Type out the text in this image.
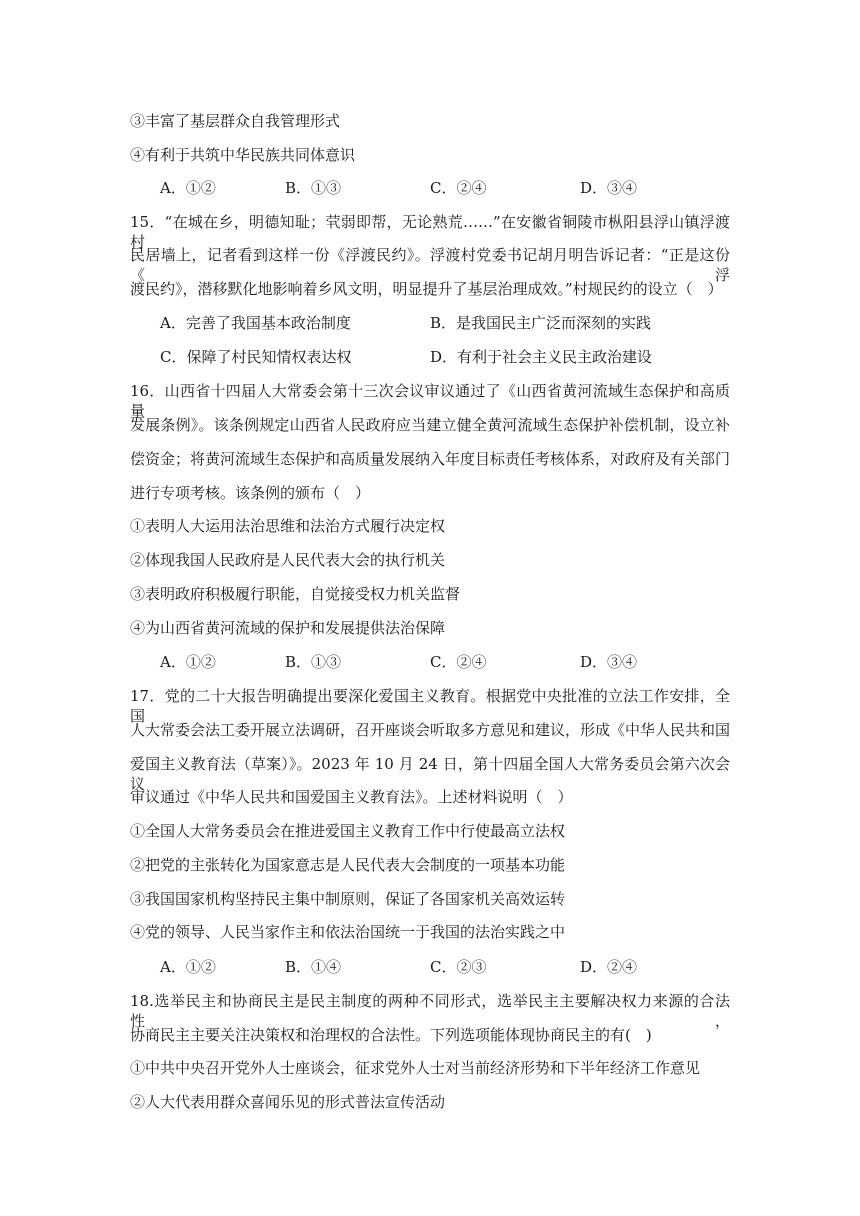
③丰富了基层群众自我管理形式
④有利于共筑中华民族共同体意识
A．①②	B．①③	C．②④	D．③④
15．“在城在乡，明德知耻；茕弱即帮，无论熟荒……”在安徽省铜陵市枞阳县浮山镇浮渡村
民居墙上，记者看到这样一份《浮渡民约》。浮渡村党委书记胡月明告诉记者：“正是这份《浮
渡民约》，潜移默化地影响着乡风文明，明显提升了基层治理成效。”村规民约的设立（　）
A．完善了我国基本政治制度	B．是我国民主广泛而深刻的实践
C．保障了村民知情权表达权	D．有利于社会主义民主政治建设
16．山西省十四届人大常委会第十三次会议审议通过了《山西省黄河流域生态保护和高质量
发展条例》。该条例规定山西省人民政府应当建立健全黄河流域生态保护补偿机制，设立补
偿资金；将黄河流域生态保护和高质量发展纳入年度目标责任考核体系，对政府及有关部门
进行专项考核。该条例的颁布（　）
①表明人大运用法治思维和法治方式履行决定权
②体现我国人民政府是人民代表大会的执行机关
③表明政府积极履行职能，自觉接受权力机关监督
④为山西省黄河流域的保护和发展提供法治保障
A．①②	B．①③	C．②④	D．③④
17．党的二十大报告明确提出要深化爱国主义教育。根据党中央批准的立法工作安排，全国
人大常委会法工委开展立法调研，召开座谈会听取多方意见和建议，形成《中华人民共和国
爱国主义教育法（草案）》。2023 年 10 月 24 日，第十四届全国人大常务委员会第六次会议
审议通过《中华人民共和国爱国主义教育法》。上述材料说明（　）
①全国人大常务委员会在推进爱国主义教育工作中行使最高立法权
②把党的主张转化为国家意志是人民代表大会制度的一项基本功能
③我国国家机构坚持民主集中制原则，保证了各国家机关高效运转
④党的领导、人民当家作主和依法治国统一于我国的法治实践之中
A．①②	B．①④	C．②③	D．②④
18.选举民主和协商民主是民主制度的两种不同形式，选举民主主要解决权力来源的合法性，
协商民主主要关注决策权和治理权的合法性。下列选项能体现协商民主的有(　)
①中共中央召开党外人士座谈会，征求党外人士对当前经济形势和下半年经济工作意见
②人大代表用群众喜闻乐见的形式普法宣传活动
